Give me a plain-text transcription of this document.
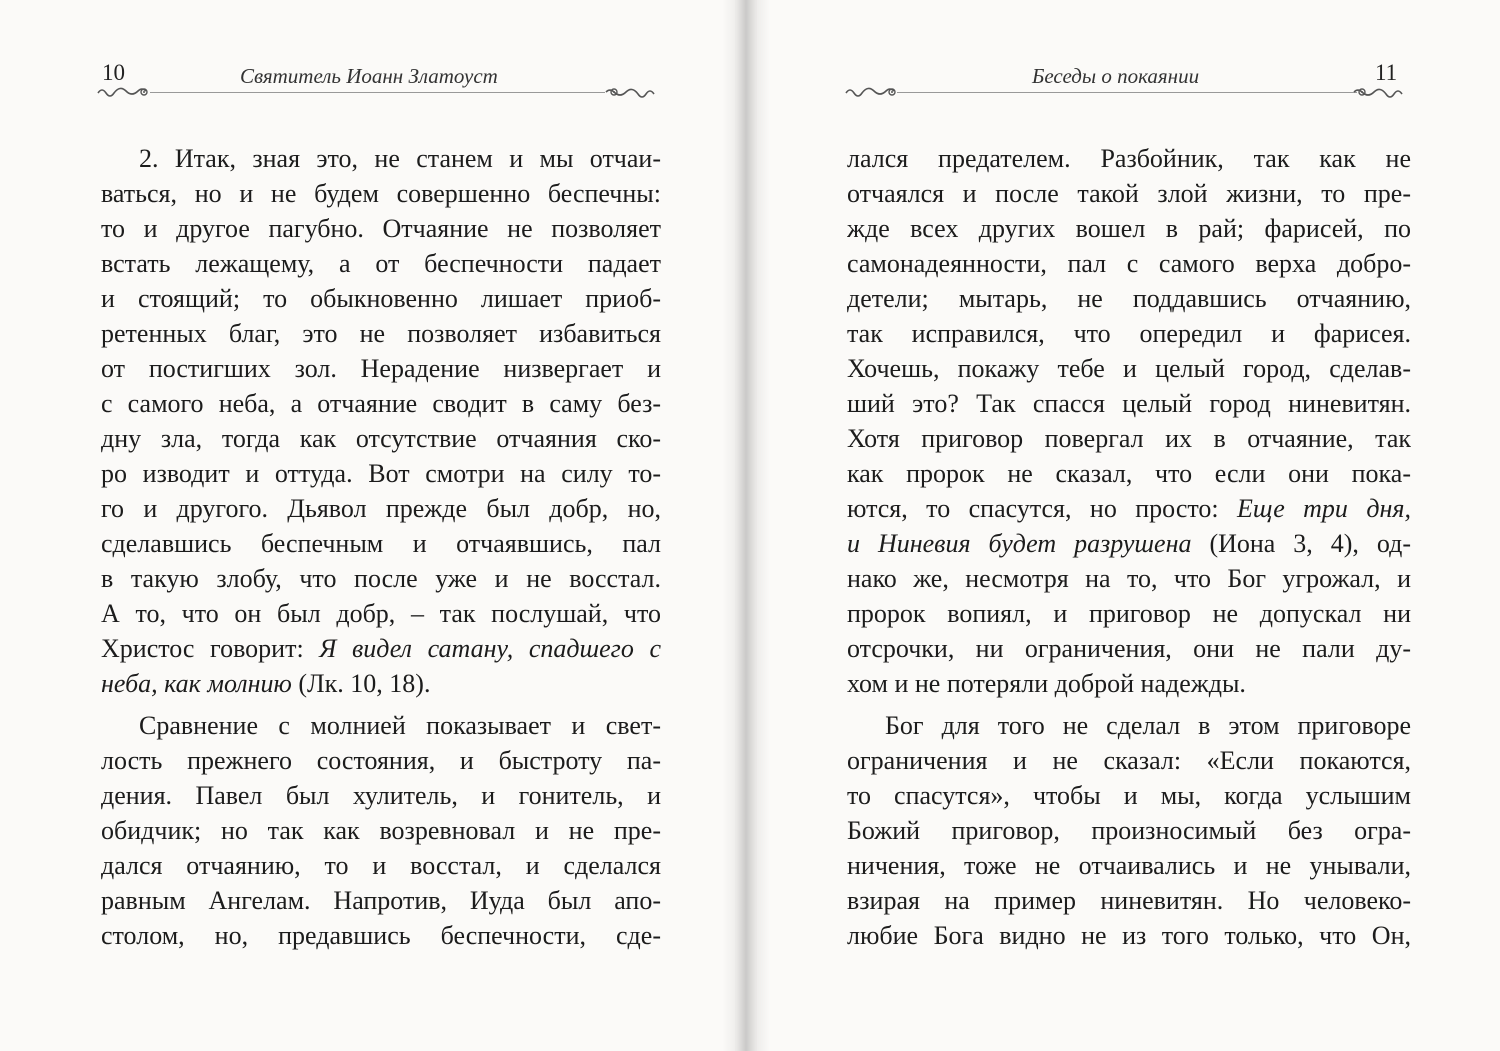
10	Святитель Иоанн Златоуст
2. Итак, зная это, не станем и мы отчаи-
ваться, но и не будем совершенно беспечны:
то и другое пагубно. Отчаяние не позволяет
встать лежащему, а от беспечности падает
и стоящий; то обыкновенно лишает приоб-
ретенных благ, это не позволяет избавиться
от постигших зол. Нерадение низвергает и
с самого неба, а отчаяние сводит в саму без-
дну зла, тогда как отсутствие отчаяния ско-
ро изводит и оттуда. Вот смотри на силу то-
го и другого. Дьявол прежде был добр, но,
сделавшись беспечным и отчаявшись, пал
в такую злобу, что после уже и не восстал.
А то, что он был добр, – так послушай, что
Христос говорит: Я видел сатану, спадшего с
неба, как молнию (Лк. 10, 18).
Сравнение с молнией показывает и свет-
лость прежнего состояния, и быстроту па-
дения. Павел был хулитель, и гонитель, и
обидчик; но так как возревновал и не пре-
дался отчаянию, то и восстал, и сделался
равным Ангелам. Напротив, Иуда был апо-
столом, но, предавшись беспечности, сде-
Беседы о покаянии	11
лался предателем. Разбойник, так как не
отчаялся и после такой злой жизни, то пре-
жде всех других вошел в рай; фарисей, по
самонадеянности, пал с самого верха добро-
детели; мытарь, не поддавшись отчаянию,
так исправился, что опередил и фарисея.
Хочешь, покажу тебе и целый город, сделав-
ший это? Так спасся целый город ниневитян.
Хотя приговор повергал их в отчаяние, так
как пророк не сказал, что если они пока-
ются, то спасутся, но просто: Еще три дня,
и Ниневия будет разрушена (Иона 3, 4), од-
нако же, несмотря на то, что Бог угрожал, и
пророк вопиял, и приговор не допускал ни
отсрочки, ни ограничения, они не пали ду-
хом и не потеряли доброй надежды.
Бог для того не сделал в этом приговоре
ограничения и не сказал: «Если покаются,
то спасутся», чтобы и мы, когда услышим
Божий приговор, произносимый без огра-
ничения, тоже не отчаивались и не унывали,
взирая на пример ниневитян. Но человеко-
любие Бога видно не из того только, что Он,
